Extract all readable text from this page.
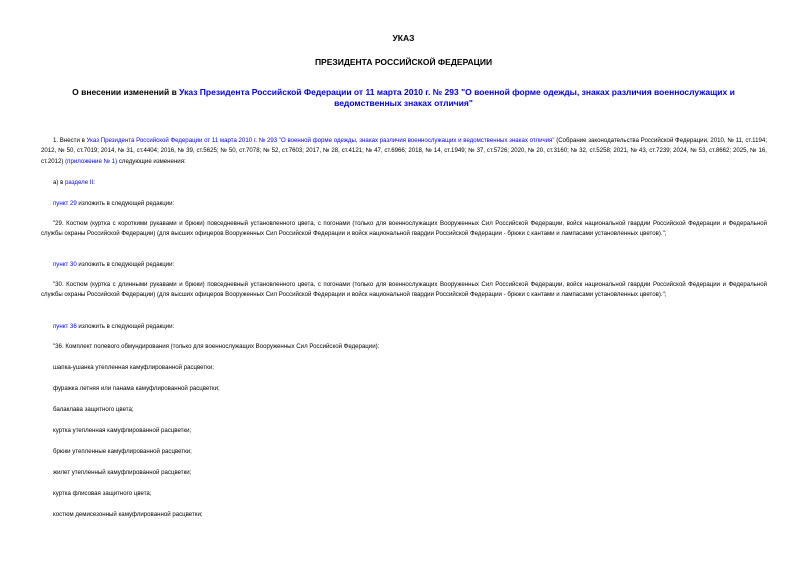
УКАЗ
ПРЕЗИДЕНТА РОССИЙСКОЙ ФЕДЕРАЦИИ
О внесении изменений в Указ Президента Российской Федерации от 11 марта 2010 г. № 293 "О военной форме одежды, знаках различия военнослужащих и ведомственных знаках отличия"
1. Внести в Указ Президента Российской Федерации от 11 марта 2010 г. № 293 "О военной форме одежды, знаках различия военнослужащих и ведомственных знаках отличия" (Собрание законодательства Российской Федерации, 2010, № 11, ст.1194; 2012, № 50, ст.7019; 2014, № 31, ст.4404; 2016, № 39, ст.5625; № 50, ст.7078; № 52, ст.7603; 2017, № 28, ст.4121; № 47, ст.6966; 2018, № 14, ст.1949; № 37, ст.5726; 2020, № 20, ст.3160; № 32, ст.5258; 2021, № 43, ст.7239; 2024, № 53, ст.8662; 2025, № 16, ст.2012) (приложение № 1) следующие изменения:
а) в разделе II:
пункт 29 изложить в следующей редакции:
"29. Костюм (куртка с короткими рукавами и брюки) повседневный установленного цвета, с погонами (только для военнослужащих Вооруженных Сил Российской Федерации, войск национальной гвардии Российской Федерации и Федеральной службы охраны Российской Федерации) (для высших офицеров Вооруженных Сил Российской Федерации и войск национальной гвардии Российской Федерации - брюки с кантами и лампасами установленных цветов).";
пункт 30 изложить в следующей редакции:
"30. Костюм (куртка с длинными рукавами и брюки) повседневный установленного цвета, с погонами (только для военнослужащих Вооруженных Сил Российской Федерации, войск национальной гвардии Российской Федерации и Федеральной службы охраны Российской Федерации) (для высших офицеров Вооруженных Сил Российской Федерации и войск национальной гвардии Российской Федерации - брюки с кантами и лампасами установленных цветов).";
пункт 36 изложить в следующей редакции:
"36. Комплект полевого обмундирования (только для военнослужащих Вооруженных Сил Российской Федерации):
шапка-ушанка утепленная камуфлированной расцветки;
фуражка летняя или панама камуфлированной расцветки;
балаклава защитного цвета;
куртка утепленная камуфлированной расцветки;
брюки утепленные камуфлированной расцветки;
жилет утепленный камуфлированной расцветки;
куртка флисовая защитного цвета;
костюм демисезонный камуфлированной расцветки;
